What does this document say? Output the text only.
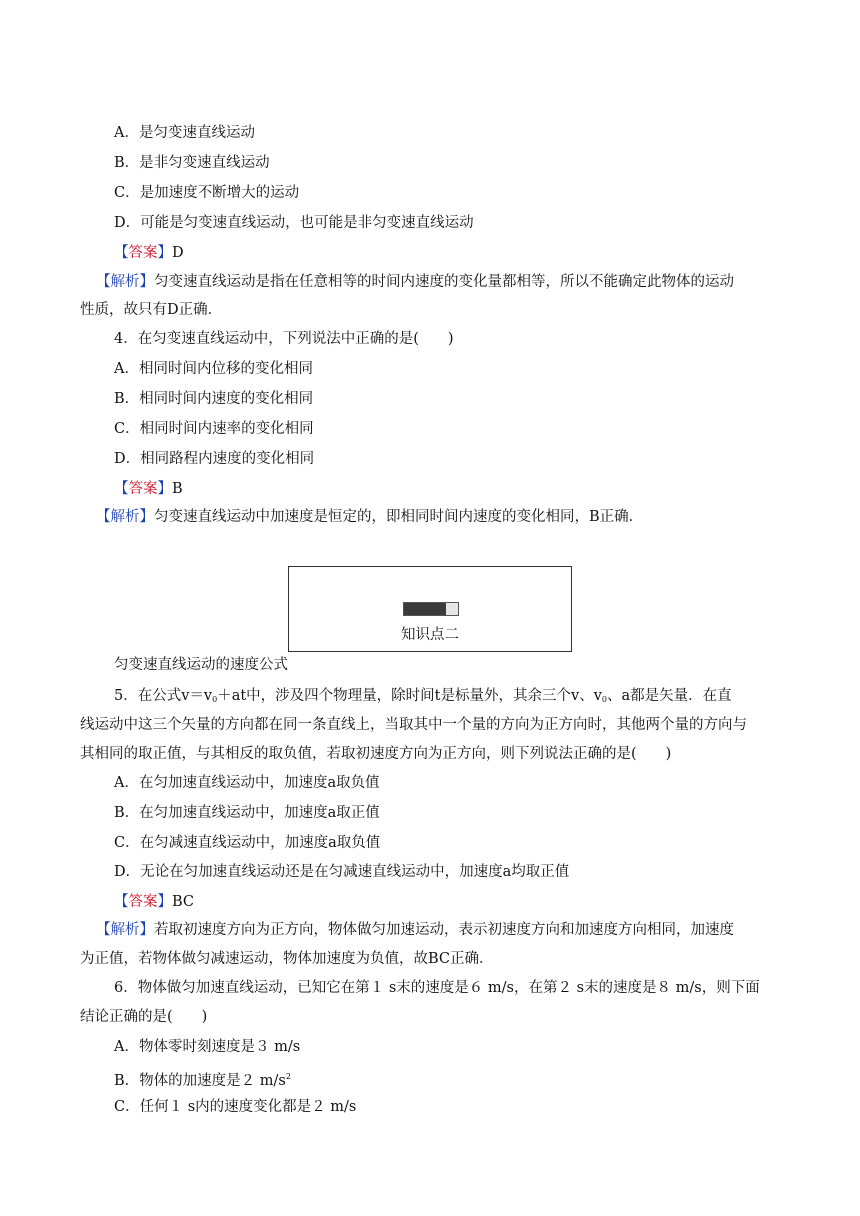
A．是匀变速直线运动
B．是非匀变速直线运动
C．是加速度不断增大的运动
D．可能是匀变速直线运动，也可能是非匀变速直线运动
【答案】D
【解析】匀变速直线运动是指在任意相等的时间内速度的变化量都相等，所以不能确定此物体的运动
性质，故只有D正确．
4．在匀变速直线运动中，下列说法中正确的是(　　)
A．相同时间内位移的变化相同
B．相同时间内速度的变化相同
C．相同时间内速率的变化相同
D．相同路程内速度的变化相同
【答案】B
【解析】匀变速直线运动中加速度是恒定的，即相同时间内速度的变化相同，B正确．
知识点二
匀变速直线运动的速度公式
5．在公式$v=v_0+at$中，涉及四个物理量，除时间t是标量外，其余三个v、$v_0$、a都是矢量．在直
线运动中这三个矢量的方向都在同一条直线上，当取其中一个量的方向为正方向时，其他两个量的方向与
其相同的取正值，与其相反的取负值，若取初速度方向为正方向，则下列说法正确的是(　　)
A．在匀加速直线运动中，加速度a取负值
B．在匀加速直线运动中，加速度a取正值
C．在匀减速直线运动中，加速度a取负值
D．无论在匀加速直线运动还是在匀减速直线运动中，加速度a均取正值
【答案】BC
【解析】若取初速度方向为正方向，物体做匀加速运动，表示初速度方向和加速度方向相同，加速度
为正值，若物体做匀减速运动，物体加速度为负值，故BC正确．
6．物体做匀加速直线运动，已知它在第１ s末的速度是６ m/s，在第２ s末的速度是８ m/s，则下面
结论正确的是(　　)
A．物体零时刻速度是３ m/s
B．物体的加速度是２ $m/s^2$
C．任何１ s内的速度变化都是２ m/s
